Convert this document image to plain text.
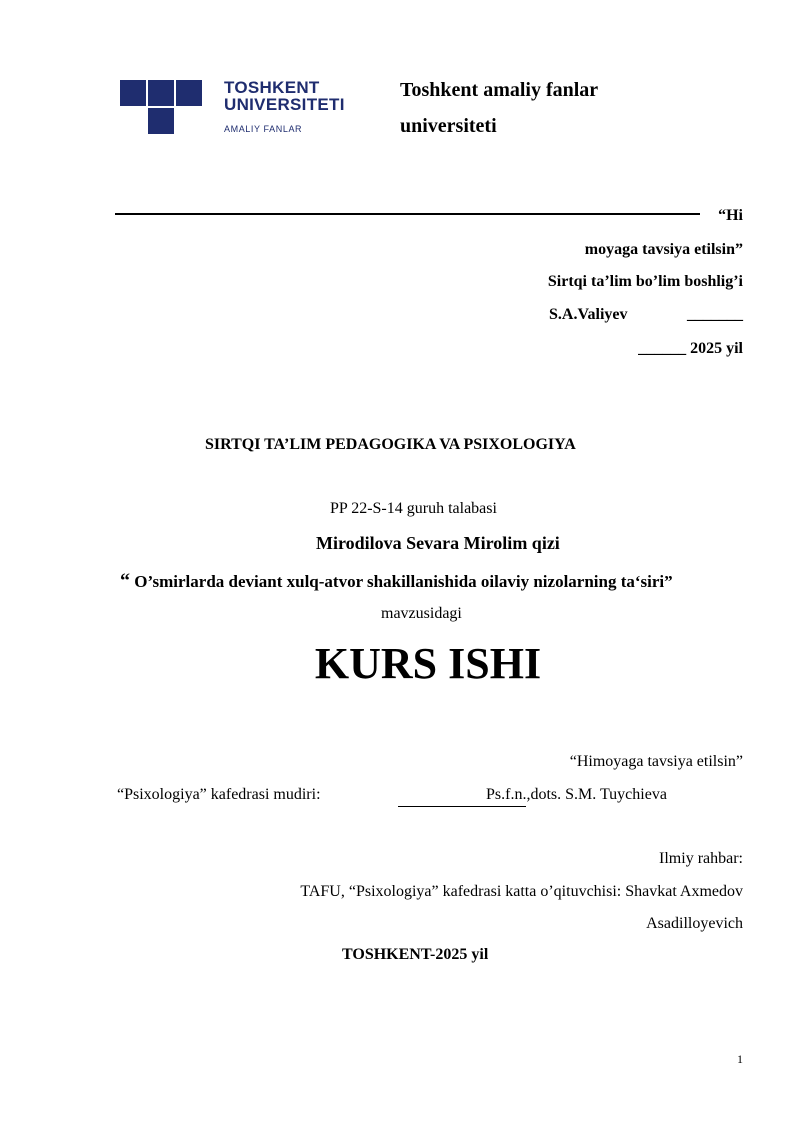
TOSHKENT
UNIVERSITETI
AMALIY FANLAR
Toshkent amaliy fanlar
universiteti
“Hi
moyaga tavsiya etilsin”
Sirtqi ta’lim bo’lim boshlig’i
S.A.Valiyev	_______
______ 2025 yil
SIRTQI TA’LIM PEDAGOGIKA VA PSIXOLOGIYA
PP 22-S-14 guruh talabasi
Mirodilova Sevara Mirolim qizi
“ O’smirlarda deviant xulq-atvor shakillanishida oilaviy nizolarning ta‘siri”
mavzusidagi
KURS ISHI
“Himoyaga tavsiya etilsin”
“Psixologiya” kafedrasi mudiri:	Ps.f.n.,dots. S.M. Tuychieva
Ilmiy rahbar:
TAFU, “Psixologiya” kafedrasi katta o’qituvchisi: Shavkat Axmedov
Asadilloyevich
TOSHKENT-2025 yil
1
